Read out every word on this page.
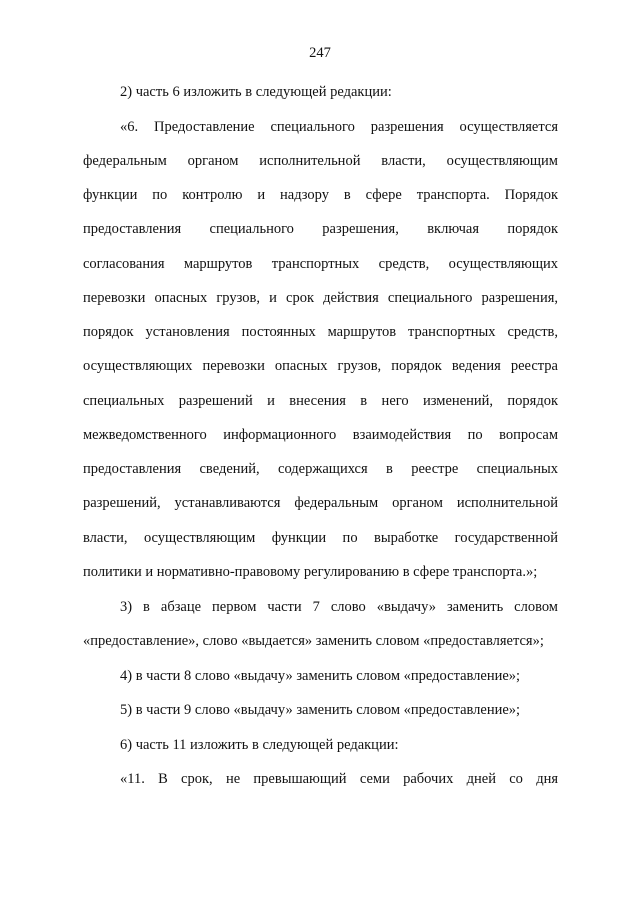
247
2) часть 6 изложить в следующей редакции:
«6. Предоставление специального разрешения осуществляется
федеральным органом исполнительной власти, осуществляющим
функции по контролю и надзору в сфере транспорта. Порядок
предоставления специального разрешения, включая порядок
согласования маршрутов транспортных средств, осуществляющих
перевозки опасных грузов, и срок действия специального разрешения,
порядок установления постоянных маршрутов транспортных средств,
осуществляющих перевозки опасных грузов, порядок ведения реестра
специальных разрешений и внесения в него изменений, порядок
межведомственного информационного взаимодействия по вопросам
предоставления сведений, содержащихся в реестре специальных
разрешений, устанавливаются федеральным органом исполнительной
власти, осуществляющим функции по выработке государственной
политики и нормативно-правовому регулированию в сфере транспорта.»;
3) в абзаце первом части 7 слово «выдачу» заменить словом
«предоставление», слово «выдается» заменить словом «предоставляется»;
4) в части 8 слово «выдачу» заменить словом «предоставление»;
5) в части 9 слово «выдачу» заменить словом «предоставление»;
6) часть 11 изложить в следующей редакции:
«11. В срок, не превышающий семи рабочих дней со дня
